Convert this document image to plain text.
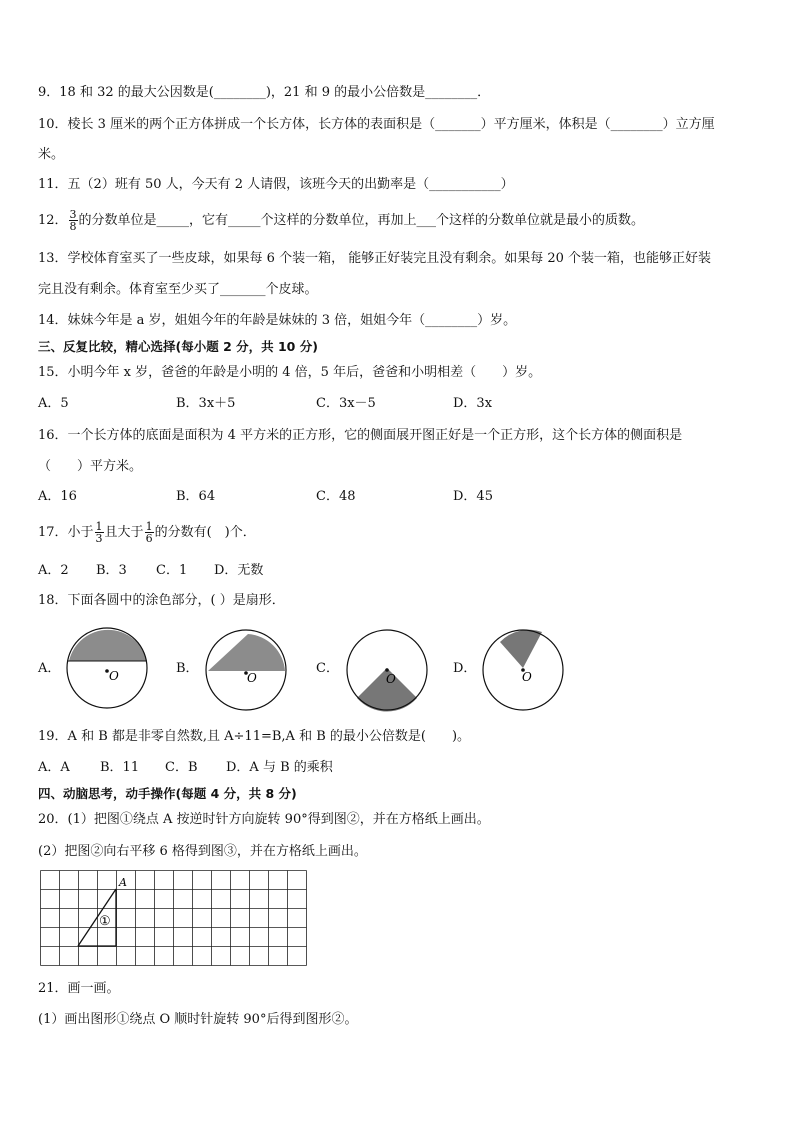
9．18 和 32 的最大公因数是(________)，21 和 9 的最小公倍数是________．
10．棱长 3 厘米的两个正方体拼成一个长方体，长方体的表面积是（_______）平方厘米，体积是（________）立方厘
米。
11．五（2）班有 50 人，今天有 2 人请假，该班今天的出勤率是（___________）
12． $\frac{3}{8}$ 的分数单位是_____，它有_____个这样的分数单位，再加上___个这样的分数单位就是最小的质数。
13．学校体育室买了一些皮球，如果每 6 个装一箱， 能够正好装完且没有剩余。如果每 20 个装一箱，也能够正好装
完且没有剩余。体育室至少买了_______个皮球。
14．妹妹今年是 a 岁，姐姐今年的年龄是妹妹的 3 倍，姐姐今年（________）岁。
三、反复比较，精心选择(每小题 2 分，共 10 分)
15．小明今年 x 岁，爸爸的年龄是小明的 4 倍，5 年后，爸爸和小明相差（　　）岁。
A．5	B．3x＋5	C．3x－5	D．3x
16．一个长方体的底面是面积为 4 平方米的正方形，它的侧面展开图正好是一个正方形，这个长方体的侧面积是
（　　）平方米。
A．16	B．64	C．48	D．45
17．小于 $\frac{1}{3}$ 且大于 $\frac{1}{6}$ 的分数有(　)个．
A．2 B．3 C．1 D．无数
18．下面各圆中的涂色部分，( ）是扇形．
A．	B．	C．	D．
O	O	O	O
19．A 和 B 都是非零自然数,且 A÷11=B,A 和 B 的最小公倍数是(　　)。
A．A B．11 C．B D．A 与 B 的乘积
四、动脑思考，动手操作(每题 4 分，共 8 分)
20．(1）把图①绕点 A 按逆时针方向旋转 90°得到图②，并在方格纸上画出。
(2）把图②向右平移 6 格得到图③，并在方格纸上画出。
A
①
21．画一画。
(1）画出图形①绕点 O 顺时针旋转 90°后得到图形②。
